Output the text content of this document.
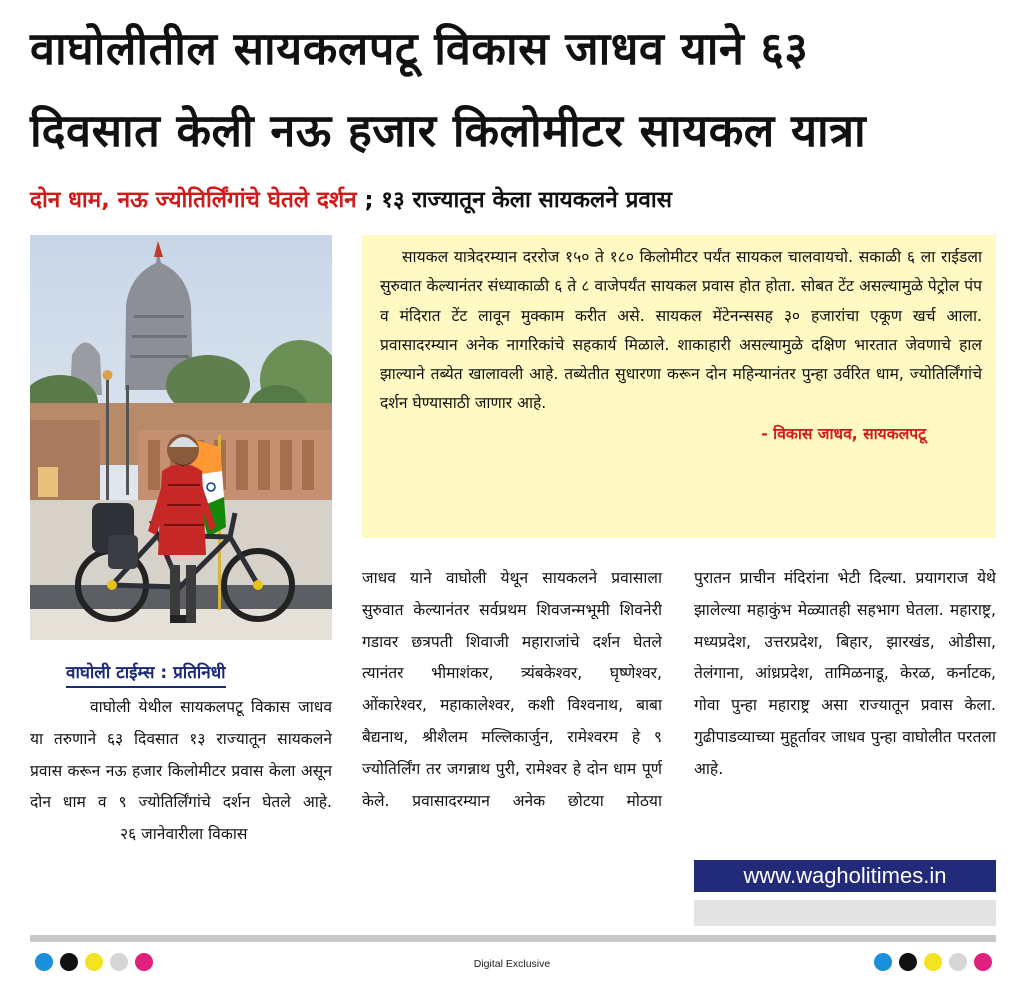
वाघोलीतील सायकलपटू विकास जाधव याने ६३
दिवसात केली नऊ हजार किलोमीटर सायकल यात्रा
दोन धाम, नऊ ज्योतिर्लिंगांचे घेतले दर्शन ; १३ राज्यातून केला सायकलने प्रवास

सायकल यात्रेदरम्यान दररोज १५० ते १८० किलोमीटर पर्यंत सायकल चालवायचो. सकाळी ६ ला राईडला सुरुवात केल्यानंतर संध्याकाळी ६ ते ८ वाजेपर्यंत सायकल प्रवास होत होता. सोबत टेंट असल्यामुळे पेट्रोल पंप व मंदिरात टेंट लावून मुक्काम करीत असे. सायकल मेंटेनन्ससह ३० हजारांचा एकूण खर्च आला. प्रवासादरम्यान अनेक नागरिकांचे सहकार्य मिळाले. शाकाहारी असल्यामुळे दक्षिण भारतात जेवणाचे हाल झाल्याने तब्येत खालावली आहे. तब्येतीत सुधारणा करून दोन महिन्यानंतर पुन्हा उर्वरित धाम, ज्योतिर्लिंगांचे दर्शन घेण्यासाठी जाणार आहे.

- विकास जाधव, सायकलपटू

वाघोली टाईम्स : प्रतिनिधी

वाघोली येथील सायकलपटू विकास जाधव या तरुणाने ६३ दिवसात १३ राज्यातून सायकलने प्रवास करून नऊ हजार किलोमीटर प्रवास केला असून दोन धाम व ९ ज्योतिर्लिंगांचे दर्शन घेतले आहे.

२६ जानेवारीला विकास

जाधव याने वाघोली येथून सायकलने प्रवासाला सुरुवात केल्यानंतर सर्वप्रथम शिवजन्मभूमी शिवनेरी गडावर छत्रपती शिवाजी महाराजांचे दर्शन घेतले त्यानंतर भीमाशंकर, त्र्यंबकेश्वर, घृष्णेश्वर, ओंकारेश्वर, महाकालेश्वर, कशी विश्वनाथ, बाबा बैद्यनाथ, श्रीशैलम मल्लिकार्जुन, रामेश्वरम हे ९ ज्योतिर्लिंग तर जगन्नाथ पुरी, रामेश्वर हे दोन धाम पूर्ण केले. प्रवासादरम्यान अनेक छोटया मोठया

पुरातन प्राचीन मंदिरांना भेटी दिल्या. प्रयागराज येथे झालेल्या महाकुंभ मेळ्यातही सहभाग घेतला. महाराष्ट्र, मध्यप्रदेश, उत्तरप्रदेश, बिहार, झारखंड, ओडीसा, तेलंगाना, आंध्रप्रदेश, तामिळनाडू, केरळ, कर्नाटक, गोवा पुन्हा महाराष्ट्र असा राज्यातून प्रवास केला. गुढीपाडव्याच्या मुहूर्तावर जाधव पुन्हा वाघोलीत परतला आहे.

www.wagholitimes.in
Digital Exclusive
